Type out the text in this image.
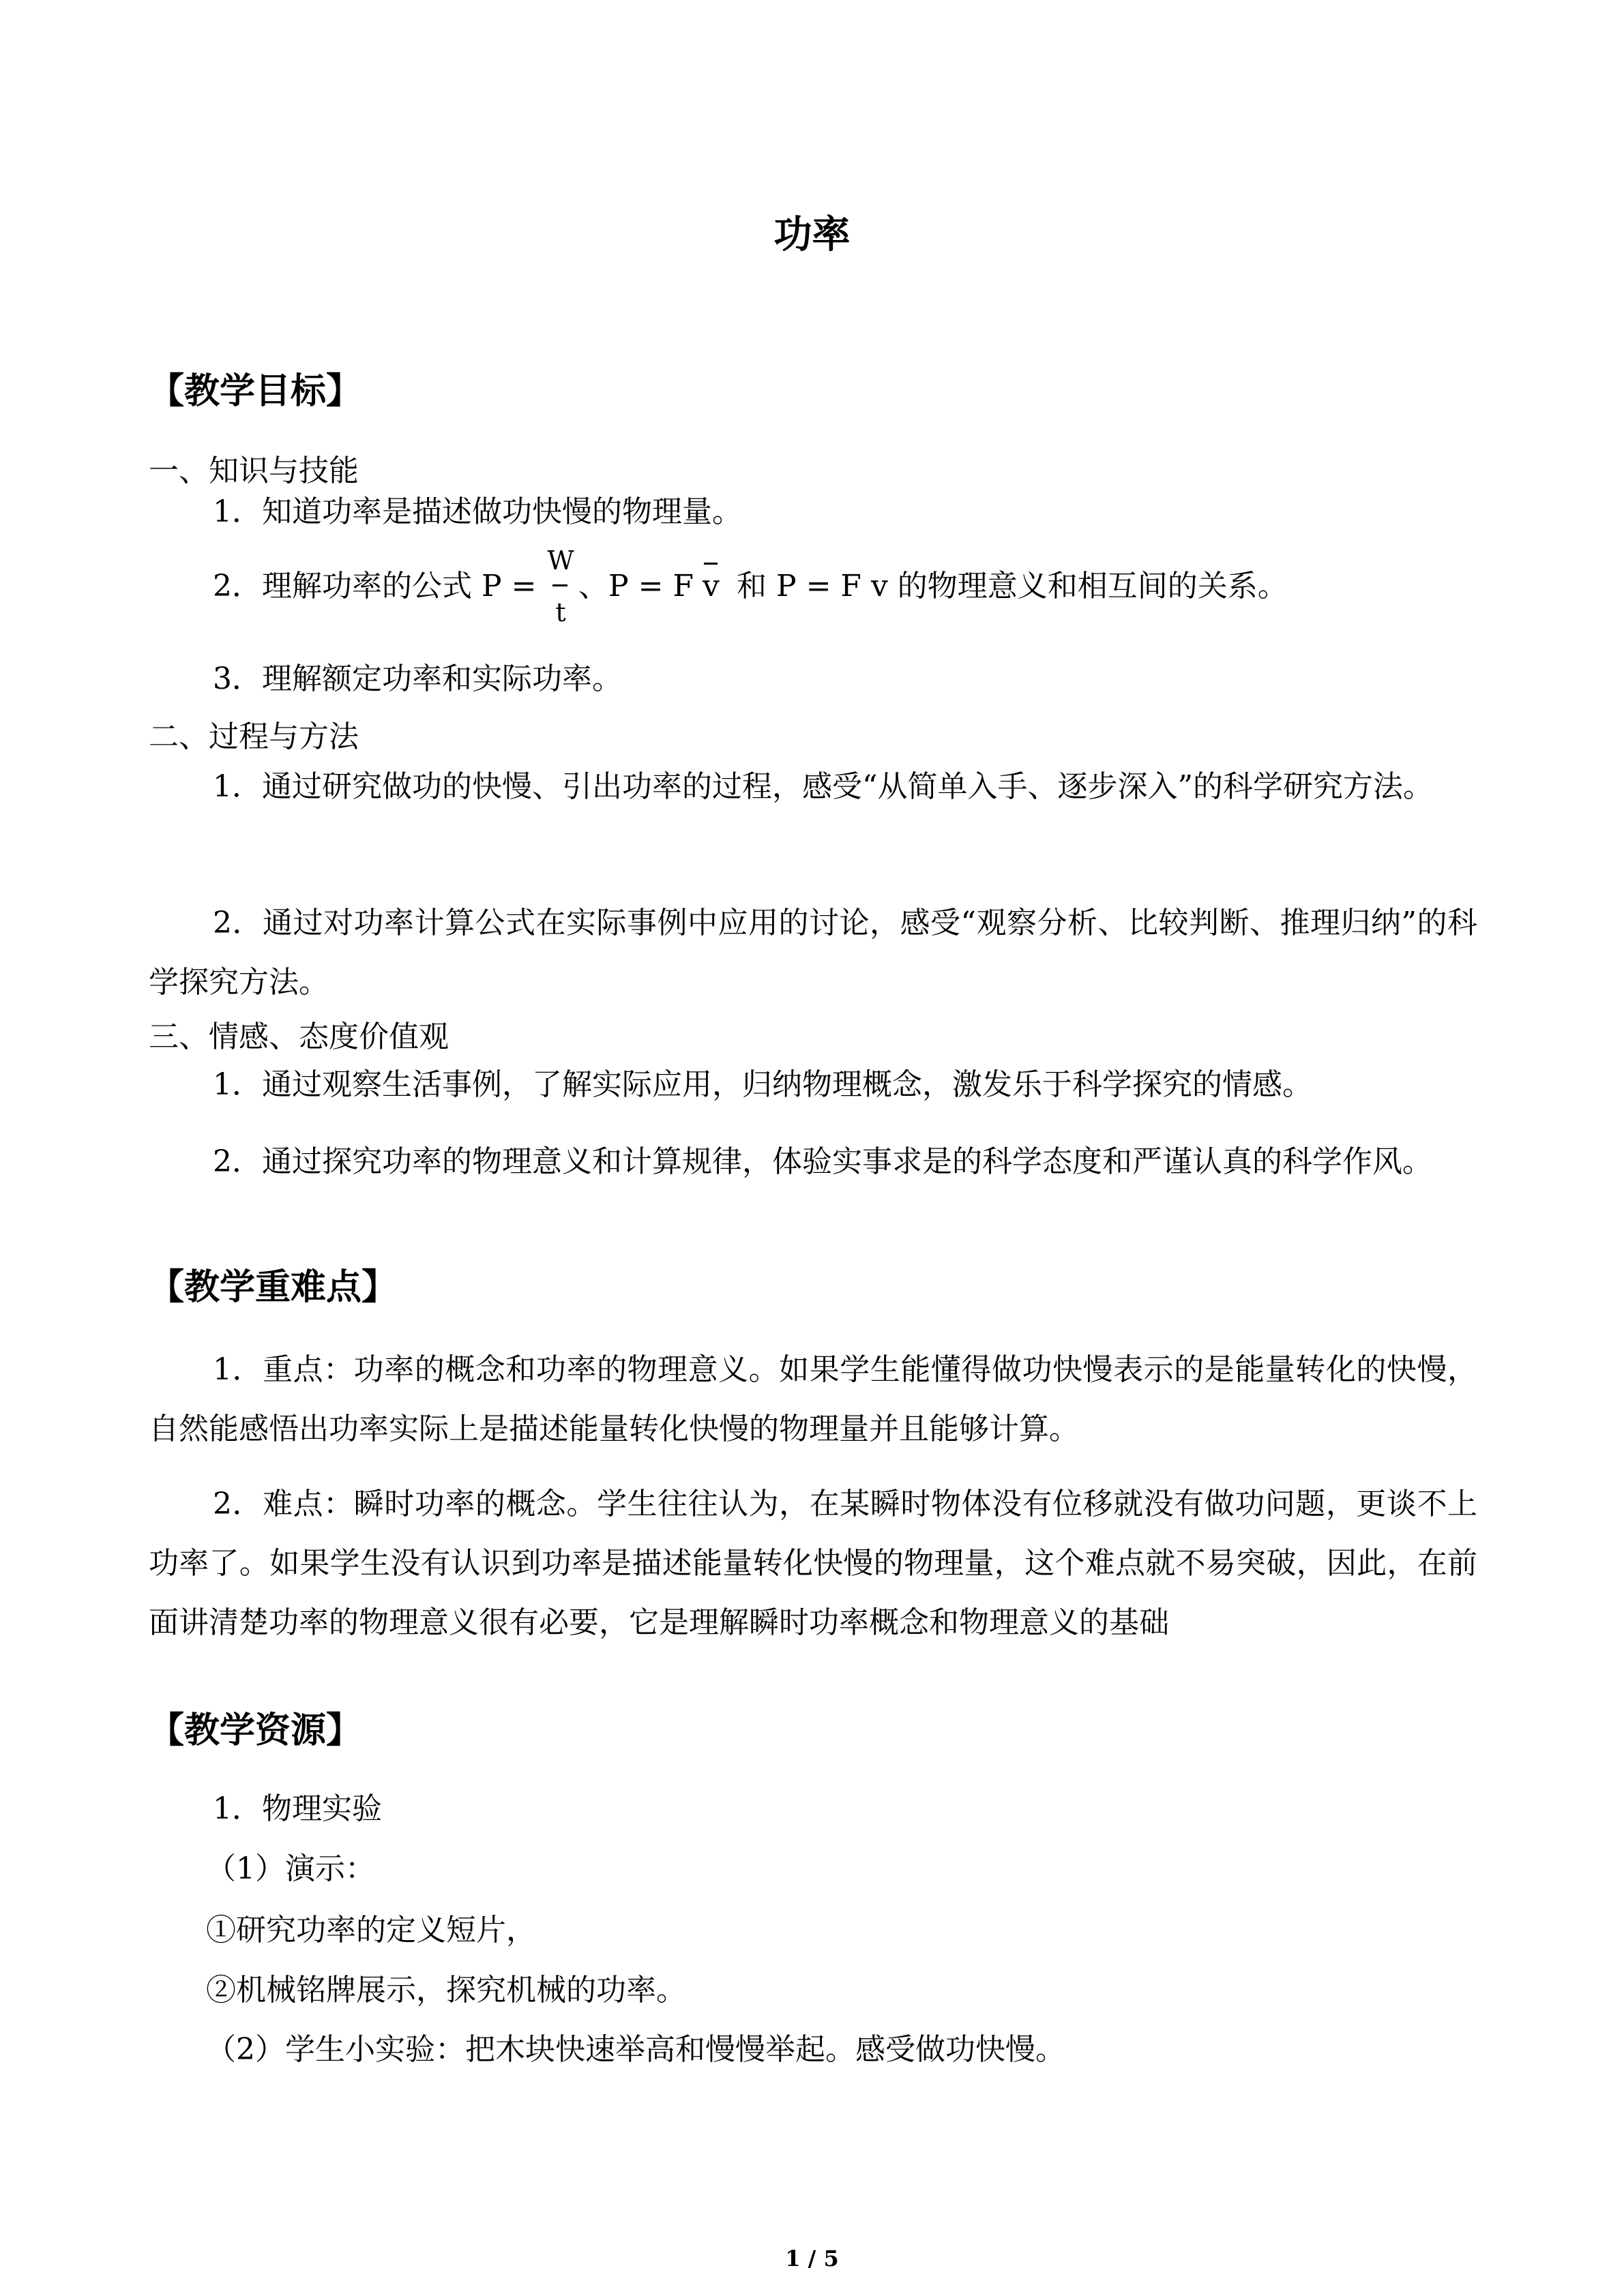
功率
【教学目标】
一、知识与技能
1．知道功率是描述做功快慢的物理量。
2．理解功率的公式 P =
W
t
、P = F v 和 P = F v 的物理意义和相互间的关系。
3．理解额定功率和实际功率。
二、过程与方法
1．通过研究做功的快慢、引出功率的过程，感受“从简单入手、逐步深入”的科学研究方法。
2．通过对功率计算公式在实际事例中应用的讨论，感受“观察分析、比较判断、推理归纳”的科学探究方法。
三、情感、态度价值观
1．通过观察生活事例，了解实际应用，归纳物理概念，激发乐于科学探究的情感。
2．通过探究功率的物理意义和计算规律，体验实事求是的科学态度和严谨认真的科学作风。
【教学重难点】
1．重点：功率的概念和功率的物理意义。如果学生能懂得做功快慢表示的是能量转化的快慢，自然能感悟出功率实际上是描述能量转化快慢的物理量并且能够计算。
2．难点：瞬时功率的概念。学生往往认为，在某瞬时物体没有位移就没有做功问题，更谈不上功率了。如果学生没有认识到功率是描述能量转化快慢的物理量，这个难点就不易突破，因此，在前面讲清楚功率的物理意义很有必要，它是理解瞬时功率概念和物理意义的基础
【教学资源】
1．物理实验
（1）演示：
①研究功率的定义短片，
②机械铭牌展示，探究机械的功率。
（2）学生小实验：把木块快速举高和慢慢举起。感受做功快慢。
1 / 5
